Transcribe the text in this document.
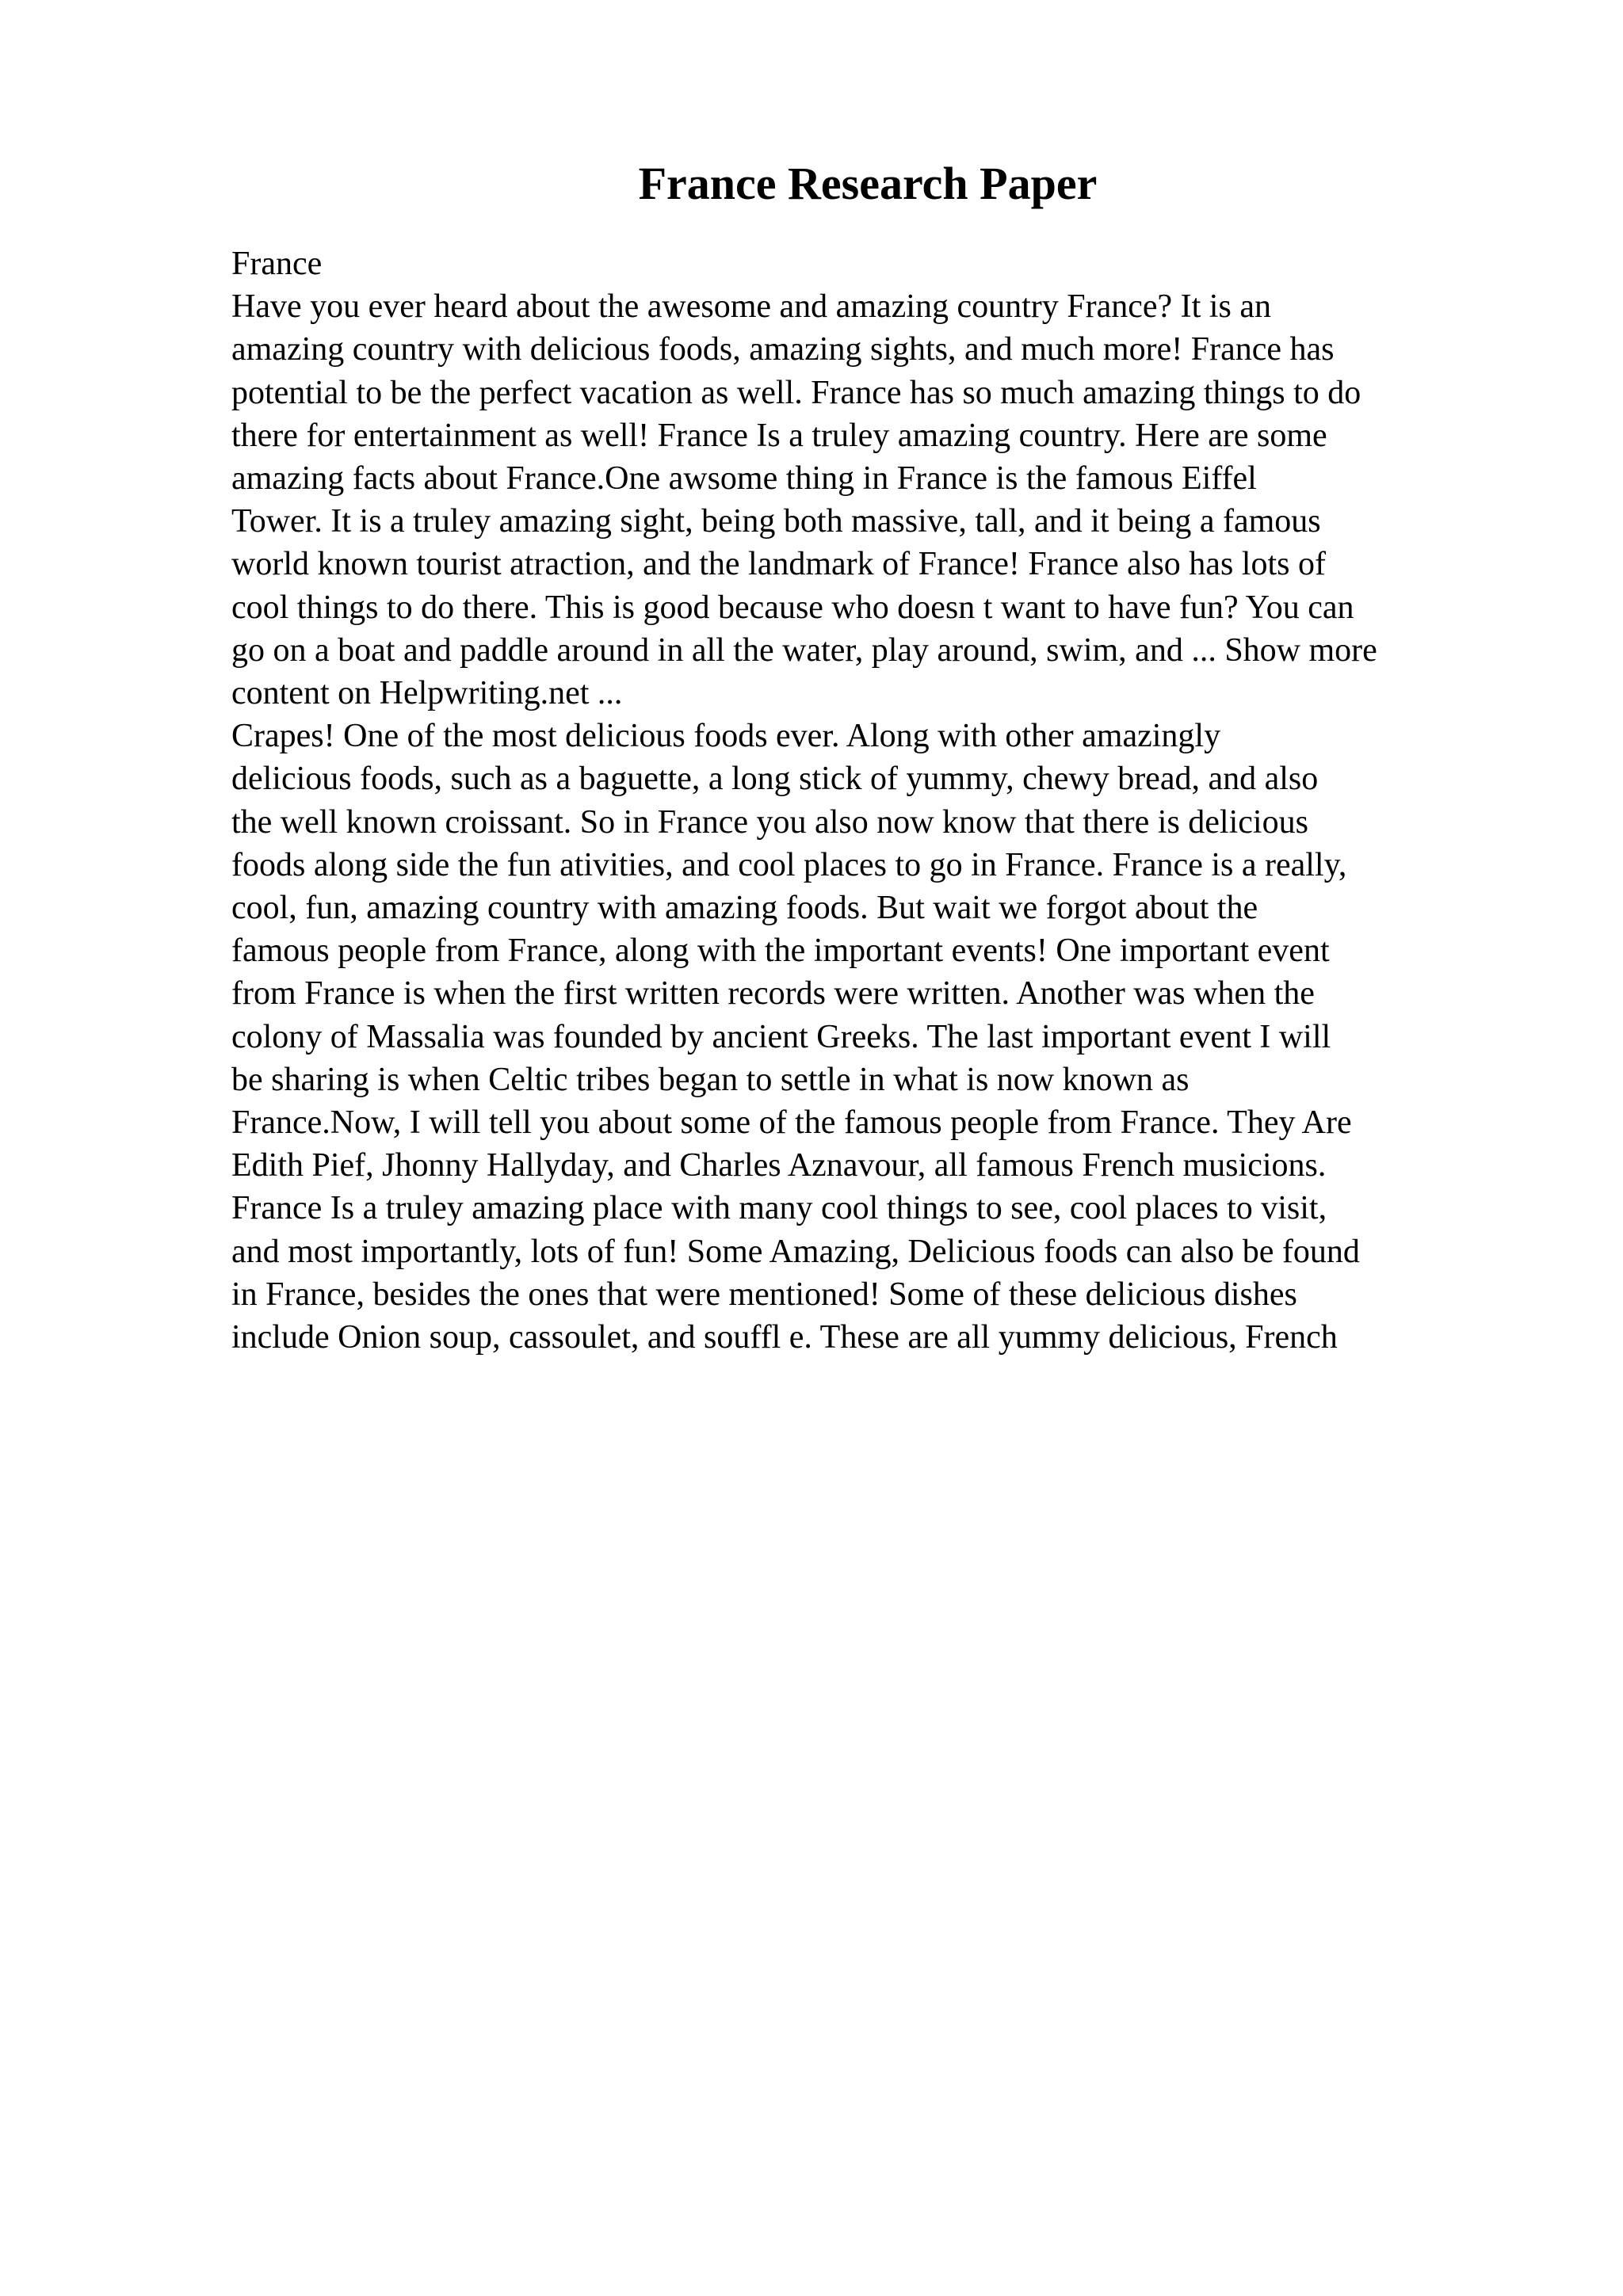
France Research Paper
France
Have you ever heard about the awesome and amazing country France? It is an
amazing country with delicious foods, amazing sights, and much more! France has
potential to be the perfect vacation as well. France has so much amazing things to do
there for entertainment as well! France Is a truley amazing country. Here are some
amazing facts about France.One awsome thing in France is the famous Eiffel
Tower. It is a truley amazing sight, being both massive, tall, and it being a famous
world known tourist atraction, and the landmark of France! France also has lots of
cool things to do there. This is good because who doesn t want to have fun? You can
go on a boat and paddle around in all the water, play around, swim, and ... Show more
content on Helpwriting.net ...
Crapes! One of the most delicious foods ever. Along with other amazingly
delicious foods, such as a baguette, a long stick of yummy, chewy bread, and also
the well known croissant. So in France you also now know that there is delicious
foods along side the fun ativities, and cool places to go in France. France is a really,
cool, fun, amazing country with amazing foods. But wait we forgot about the
famous people from France, along with the important events! One important event
from France is when the first written records were written. Another was when the
colony of Massalia was founded by ancient Greeks. The last important event I will
be sharing is when Celtic tribes began to settle in what is now known as
France.Now, I will tell you about some of the famous people from France. They Are
Edith Pief, Jhonny Hallyday, and Charles Aznavour, all famous French musicions.
France Is a truley amazing place with many cool things to see, cool places to visit,
and most importantly, lots of fun! Some Amazing, Delicious foods can also be found
in France, besides the ones that were mentioned! Some of these delicious dishes
include Onion soup, cassoulet, and souffl e. These are all yummy delicious, French
